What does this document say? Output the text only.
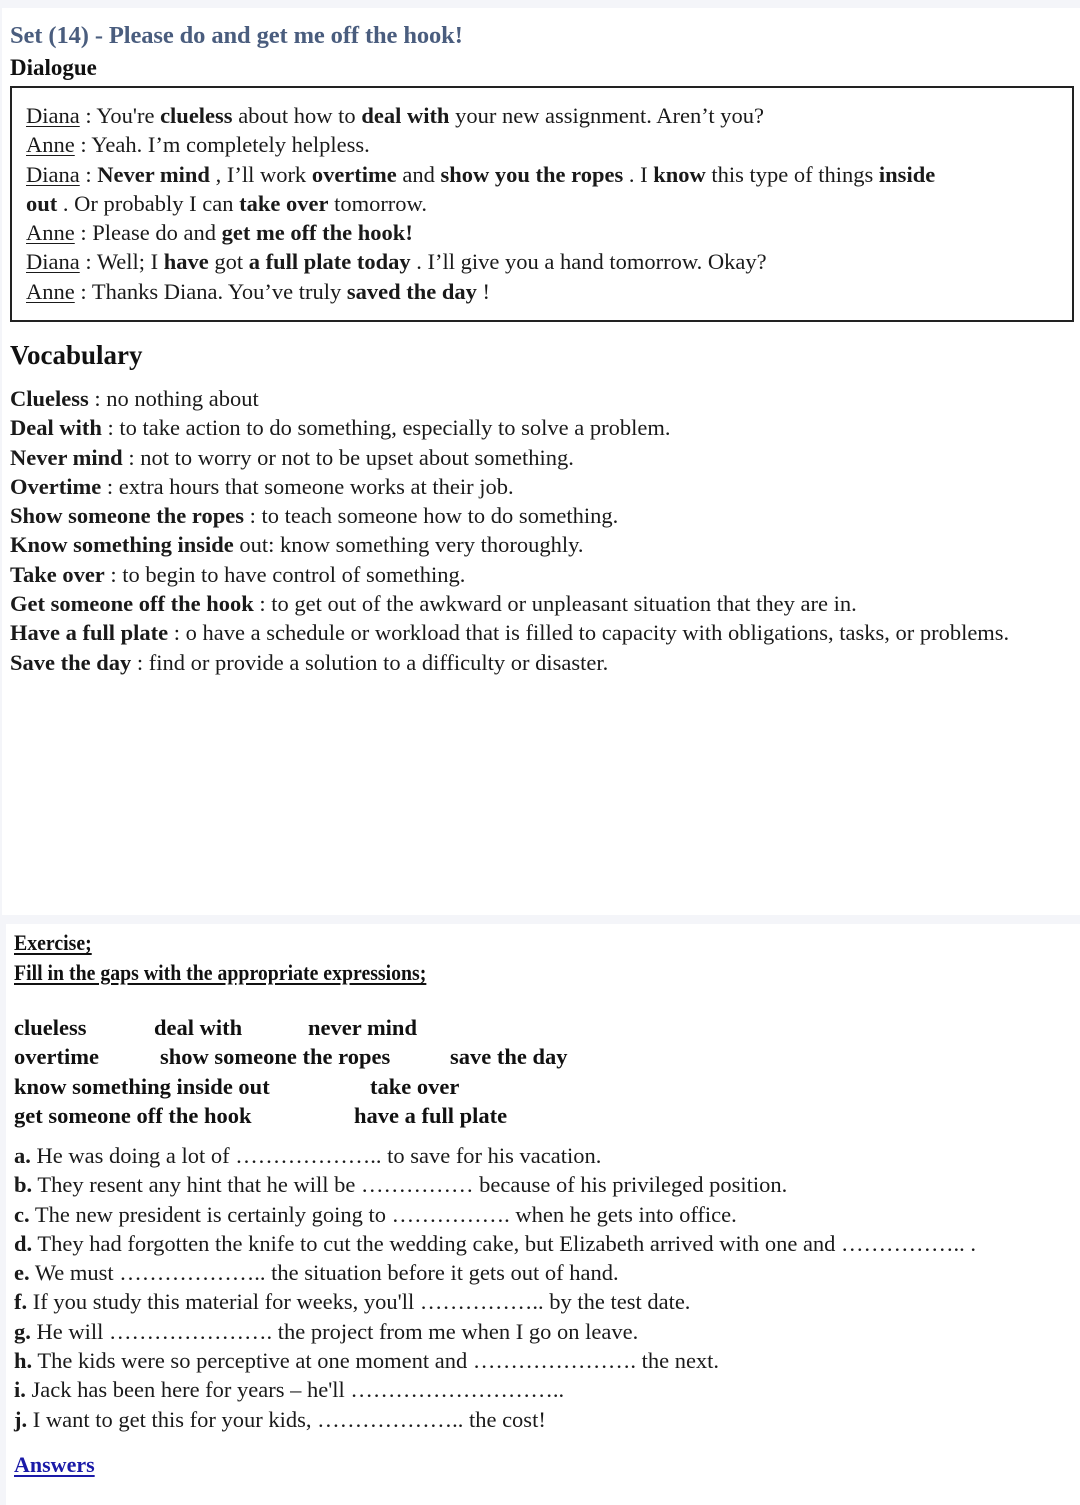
Set (14) - Please do and get me off the hook!
Dialogue
Diana : You're clueless about how to deal with your new assignment. Aren’t you?
Anne : Yeah. I’m completely helpless.
Diana : Never mind , I’ll work overtime and show you the ropes . I know this type of things inside
out . Or probably I can take over tomorrow.
Anne : Please do and get me off the hook!
Diana : Well; I have got a full plate today . I’ll give you a hand tomorrow. Okay?
Anne : Thanks Diana. You’ve truly saved the day !
Vocabulary
Clueless : no nothing about
Deal with : to take action to do something, especially to solve a problem.
Never mind : not to worry or not to be upset about something.
Overtime : extra hours that someone works at their job.
Show someone the ropes : to teach someone how to do something.
Know something inside out: know something very thoroughly.
Take over : to begin to have control of something.
Get someone off the hook : to get out of the awkward or unpleasant situation that they are in.
Have a full plate : o have a schedule or workload that is filled to capacity with obligations, tasks, or problems.
Save the day : find or provide a solution to a difficulty or disaster.
Exercise;
Fill in the gaps with the appropriate expressions;
clueless	deal with	never mind
overtime	show someone the ropes	save the day
know something inside out	take over
get someone off the hook	have a full plate
a. He was doing a lot of ……………….. to save for his vacation.
b. They resent any hint that he will be …………… because of his privileged position.
c. The new president is certainly going to ……………. when he gets into office.
d. They had forgotten the knife to cut the wedding cake, but Elizabeth arrived with one and …………….. .
e. We must ……………….. the situation before it gets out of hand.
f. If you study this material for weeks, you'll …………….. by the test date.
g. He will …………………. the project from me when I go on leave.
h. The kids were so perceptive at one moment and …………………. the next.
i. Jack has been here for years – he'll ………………………..
j. I want to get this for your kids, ……………….. the cost!
Answers
